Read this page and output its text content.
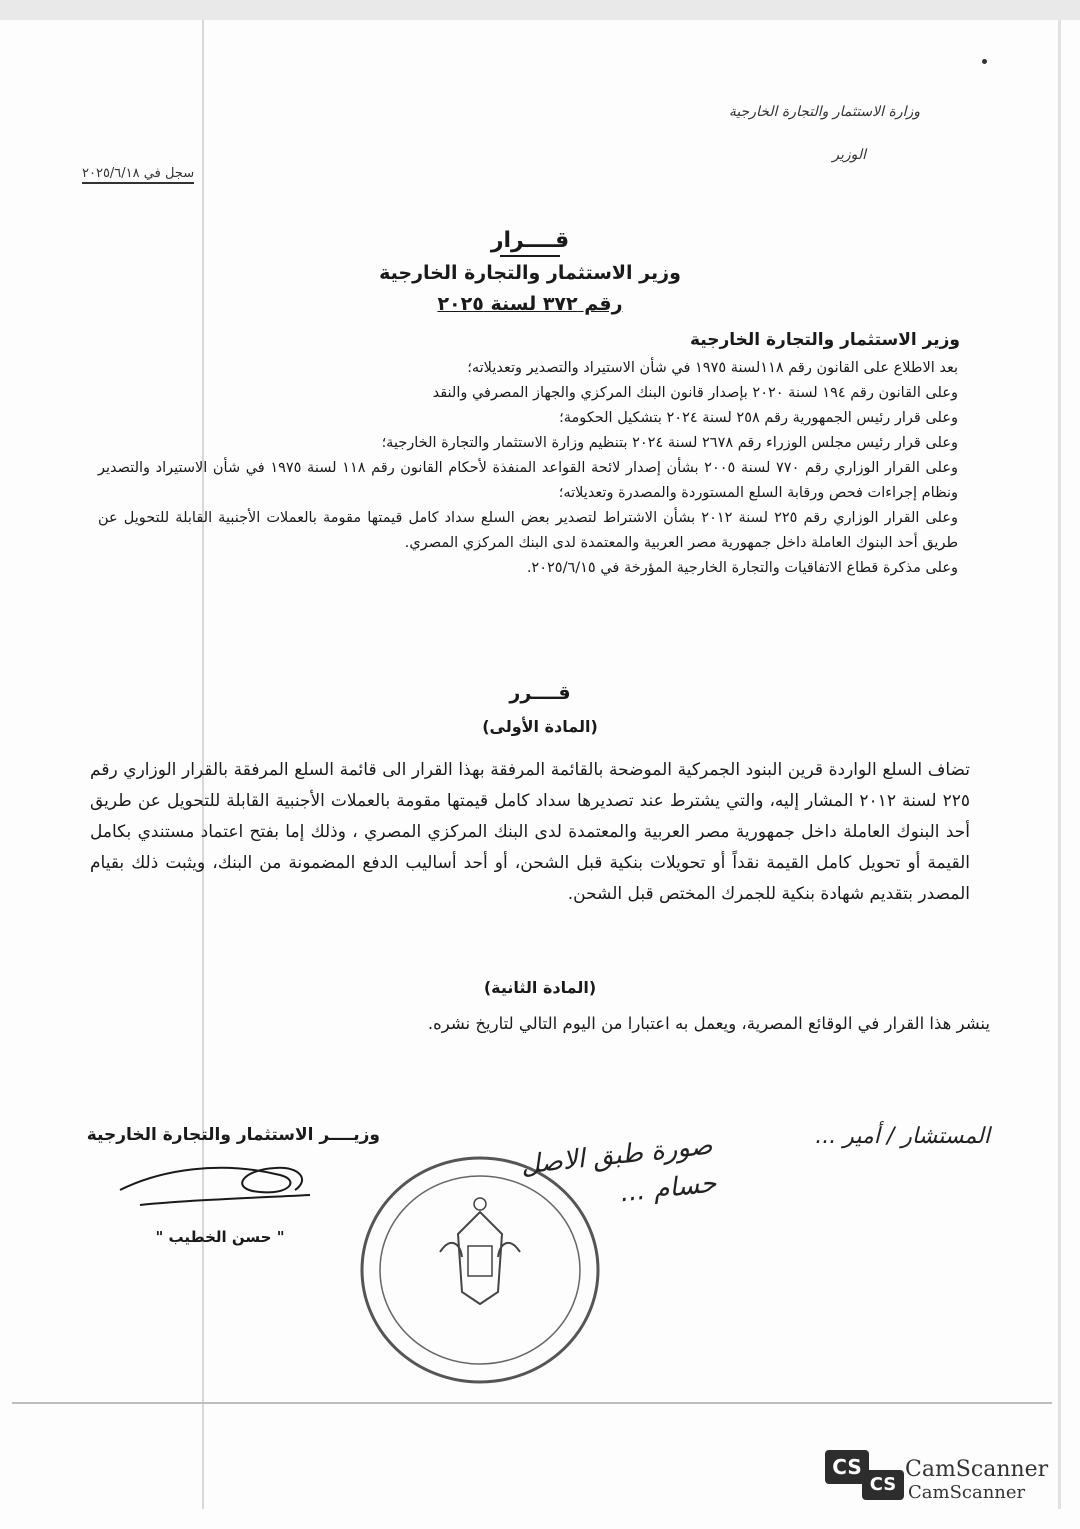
وزارة الاستثمار والتجارة الخارجية
الوزير
سجل في ٢٠٢٥/٦/١٨
قــــرار
وزير الاستثمار والتجارة الخارجية
رقم ٣٧٢ لسنة ٢٠٢٥
وزير الاستثمار والتجارة الخارجية

بعد الاطلاع على القانون رقم ١١٨لسنة ١٩٧٥ في شأن الاستيراد والتصدير وتعديلاته؛

وعلى القانون رقم ١٩٤ لسنة ٢٠٢٠ بإصدار قانون البنك المركزي والجهاز المصرفي والنقد

وعلى قرار رئيس الجمهورية رقم ٢٥٨ لسنة ٢٠٢٤ بتشكيل الحكومة؛

وعلى قرار رئيس مجلس الوزراء رقم ٢٦٧٨ لسنة ٢٠٢٤ بتنظيم وزارة الاستثمار والتجارة الخارجية؛

وعلى القرار الوزاري رقم ٧٧٠ لسنة ٢٠٠٥ بشأن إصدار لائحة القواعد المنفذة لأحكام القانون رقم ١١٨ لسنة ١٩٧٥ في شأن الاستيراد والتصدير ونظام إجراءات فحص ورقابة السلع المستوردة والمصدرة وتعديلاته؛

وعلى القرار الوزاري رقم ٢٢٥ لسنة ٢٠١٢ بشأن الاشتراط لتصدير بعض السلع سداد كامل قيمتها مقومة بالعملات الأجنبية القابلة للتحويل عن طريق أحد البنوك العاملة داخل جمهورية مصر العربية والمعتمدة لدى البنك المركزي المصري.

وعلى مذكرة قطاع الاتفاقيات والتجارة الخارجية المؤرخة في ٢٠٢٥/٦/١٥.

قــــرر
(المادة الأولى)
تضاف السلع الواردة قرين البنود الجمركية الموضحة بالقائمة المرفقة بهذا القرار الى قائمة السلع المرفقة بالقرار الوزاري رقم ٢٢٥ لسنة ٢٠١٢ المشار إليه، والتي يشترط عند تصديرها سداد كامل قيمتها مقومة بالعملات الأجنبية القابلة للتحويل عن طريق أحد البنوك العاملة داخل جمهورية مصر العربية والمعتمدة لدى البنك المركزي المصري ، وذلك إما بفتح اعتماد مستندي بكامل القيمة أو تحويل كامل القيمة نقداً أو تحويلات بنكية قبل الشحن، أو أحد أساليب الدفع المضمونة من البنك، ويثبت ذلك بقيام المصدر بتقديم شهادة بنكية للجمرك المختص قبل الشحن.
(المادة الثانية)
ينشر هذا القرار في الوقائع المصرية، ويعمل به اعتبارا من اليوم التالي لتاريخ نشره.
وزيــــر الاستثمار والتجارة الخارجية
" حسن الخطيب "
المستشار / أمير ...
صورة طبق الاصل حسام ...
CS
CS
CamScanner
CamScanner
